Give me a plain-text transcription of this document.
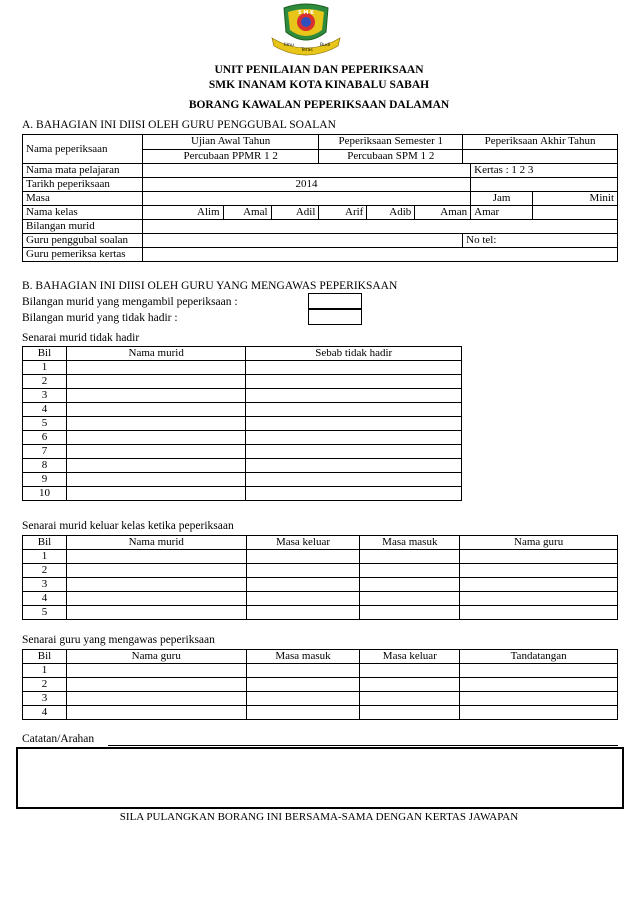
S M K
Ilmu
Teras
Budi
UNIT PENILAIAN DAN PEPERIKSAAN
SMK INANAM KOTA KINABALU SABAH
BORANG KAWALAN PEPERIKSAAN DALAMAN
A. BAHAGIAN INI DIISI OLEH GURU PENGGUBAL SOALAN
Nama peperiksaan	Ujian Awal Tahun			Peperiksaan Semester 1			Peperiksaan Akhir Tahun		
	Percubaan PPMR 1 2			Percubaan SPM 1 2					
Nama mata pelajaran								Kertas : 1 2 3	
Tarikh peperiksaan	2014								
Masa								Jam	Minit
Nama kelas	Alim	Amal	Adil	Arif	Adib	Aman		Amar	
Bilangan murid									
Guru penggubal soalan							No tel:		
Guru pemeriksa kertas									
B. BAHAGIAN INI DIISI OLEH GURU YANG MENGAWAS PEPERIKSAAN
Bilangan murid yang mengambil peperiksaan :
Bilangan murid yang tidak hadir :
Senarai murid tidak hadir
Bil	Nama murid	Sebab tidak hadir
1		
2		
3		
4		
5		
6		
7		
8		
9		
10		
Senarai murid keluar kelas ketika peperiksaan
Bil	Nama murid	Masa keluar	Masa masuk	Nama guru
1				
2				
3				
4				
5				
Senarai guru yang mengawas peperiksaan
Bil	Nama guru	Masa masuk	Masa keluar	Tandatangan
1				
2				
3				
4				
Catatan/Arahan
SILA PULANGKAN BORANG INI BERSAMA-SAMA DENGAN KERTAS JAWAPAN
